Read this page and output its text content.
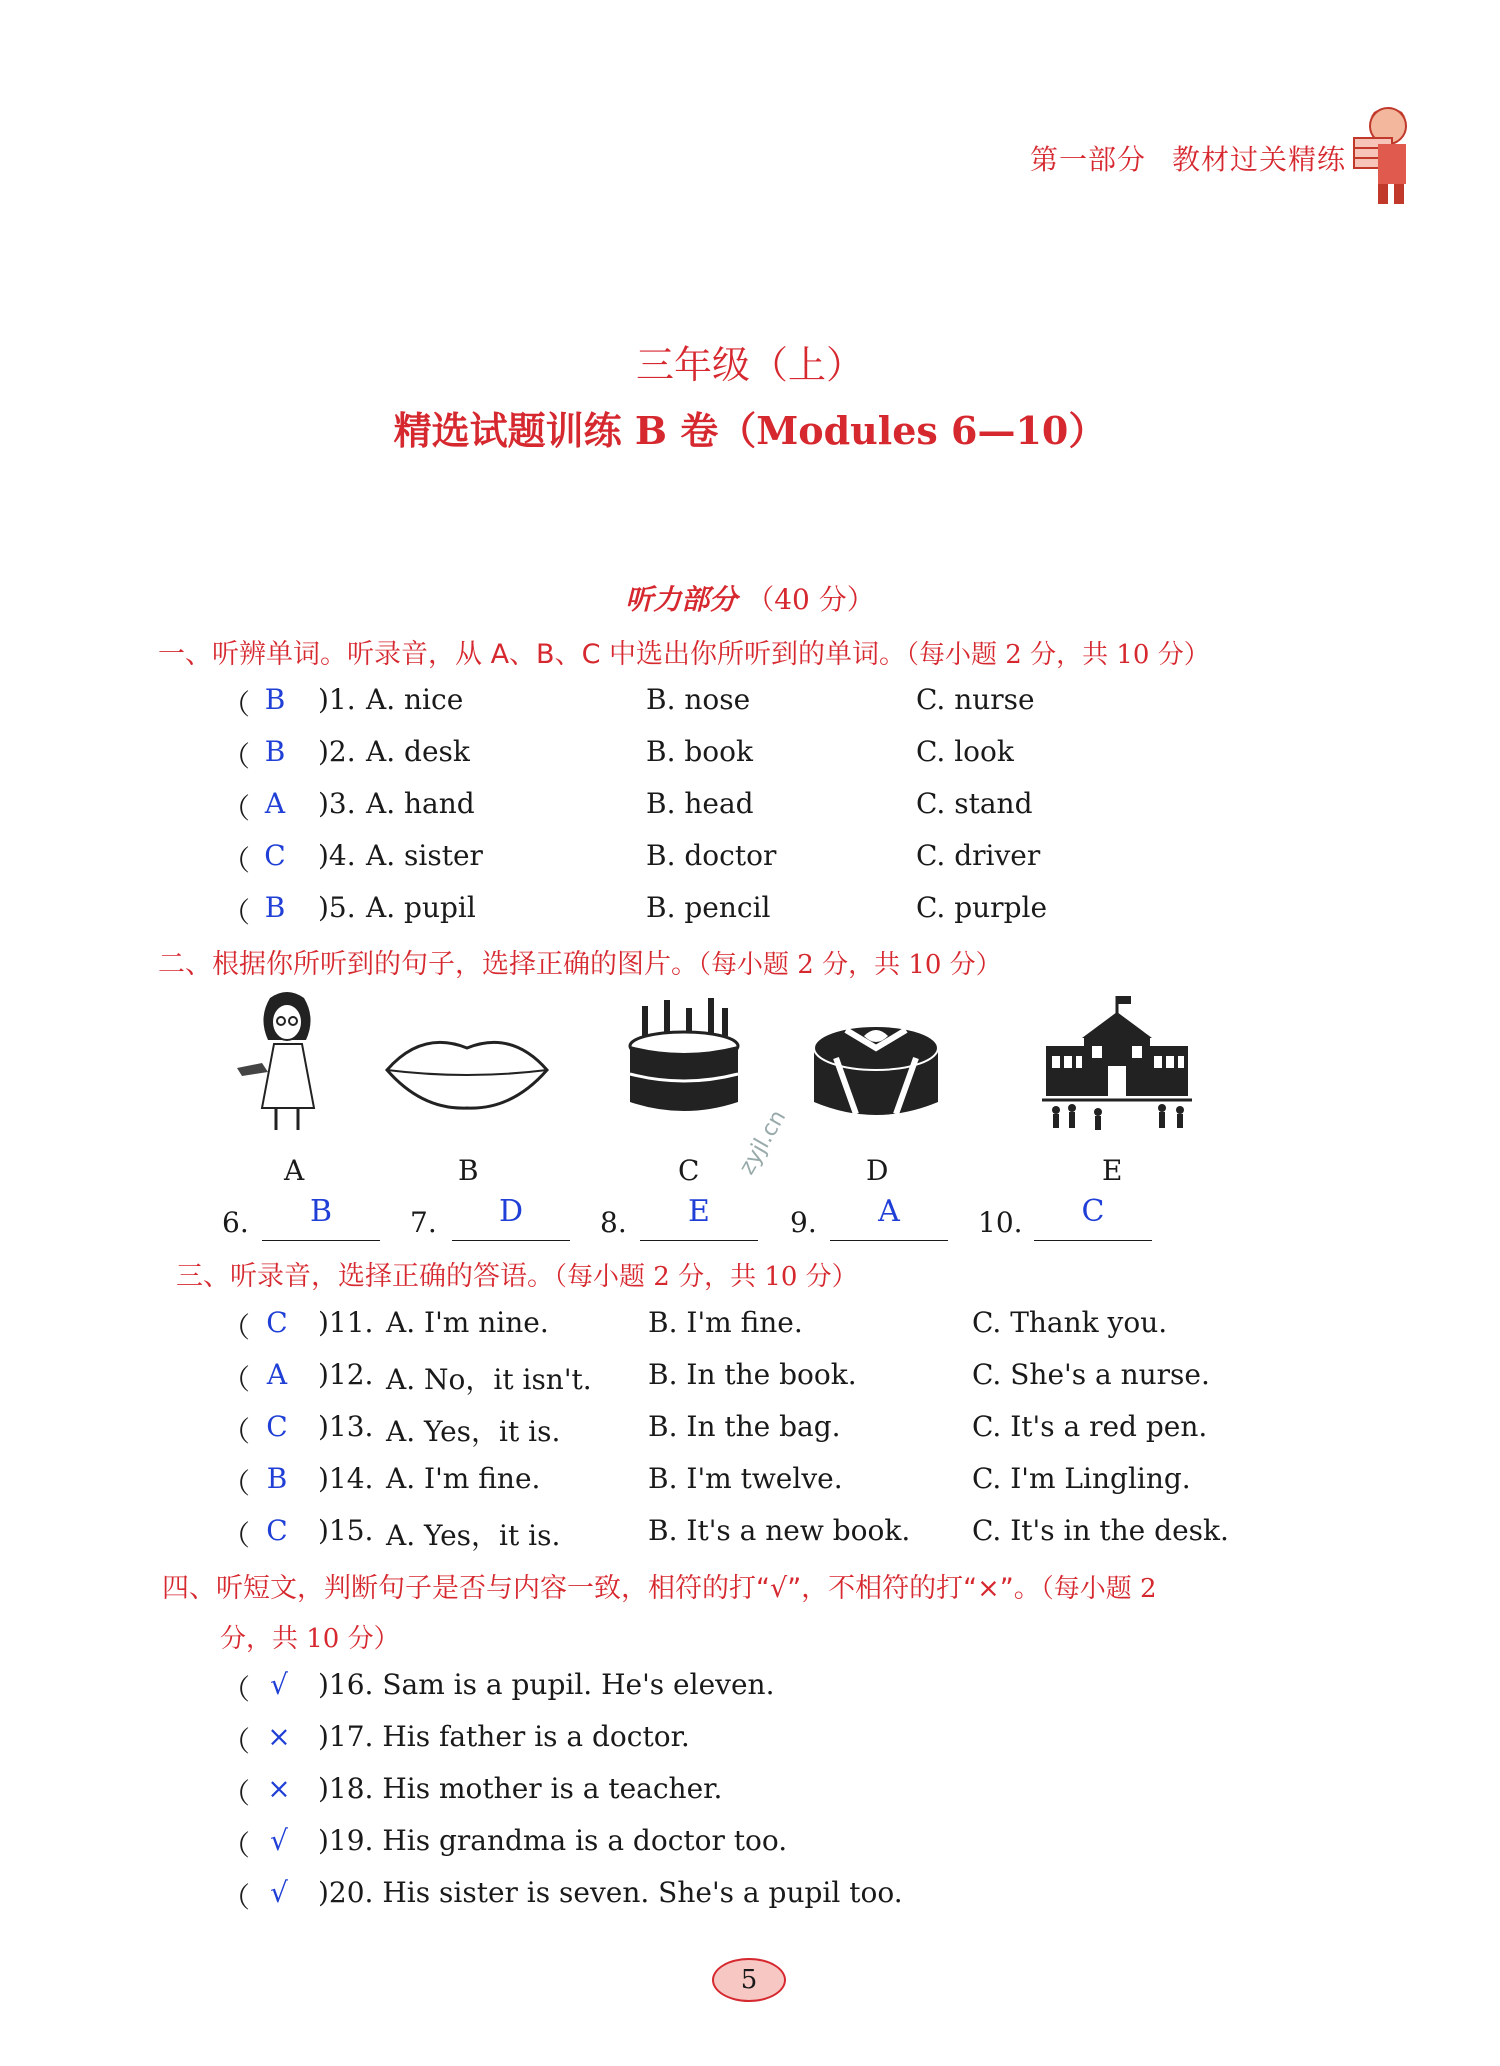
第一部分 教材过关精练
三年级（上）
精选试题训练 B 卷（Modules 6—10）
听力部分 （40 分）
一、听辨单词。听录音，从 A、B、C 中选出你所听到的单词。（每小题 2 分，共 10 分）
（ B	)1. A. nice	B. nose	C. nurse
（ B	)2. A. desk	B. book	C. look
（ A	)3. A. hand	B. head	C. stand
（ C	)4. A. sister	B. doctor	C. driver
（ B	)5. A. pupil	B. pencil	C. purple
二、根据你所听到的句子，选择正确的图片。（每小题 2 分，共 10 分）
A	B	C	D	E
6.	B	7.	D	8.	E	9.	A	10.	C
zyjl.cn
三、听录音，选择正确的答语。（每小题 2 分，共 10 分）
（ C	)11. A. I'm nine.	B. I'm fine.	C. Thank you.
（ A	)12. A. No，it isn't. B. In the book.	C. She's a nurse.
（ C	)13. A. Yes，it is.	B. In the bag.	C. It's a red pen.
（ B	)14. A. I'm fine.	B. I'm twelve.	C. I'm Lingling.
（ C	)15. A. Yes，it is.	B. It's a new book. C. It's in the desk.
四、听短文，判断句子是否与内容一致，相符的打“√”，不相符的打“×”。（每小题 2
分，共 10 分）
（ √	)16. Sam is a pupil. He's eleven.
（ × )17. His father is a doctor.
（ × )18. His mother is a teacher.
（ √	)19. His grandma is a doctor too.
（ √	)20. His sister is seven. She's a pupil too.
5
